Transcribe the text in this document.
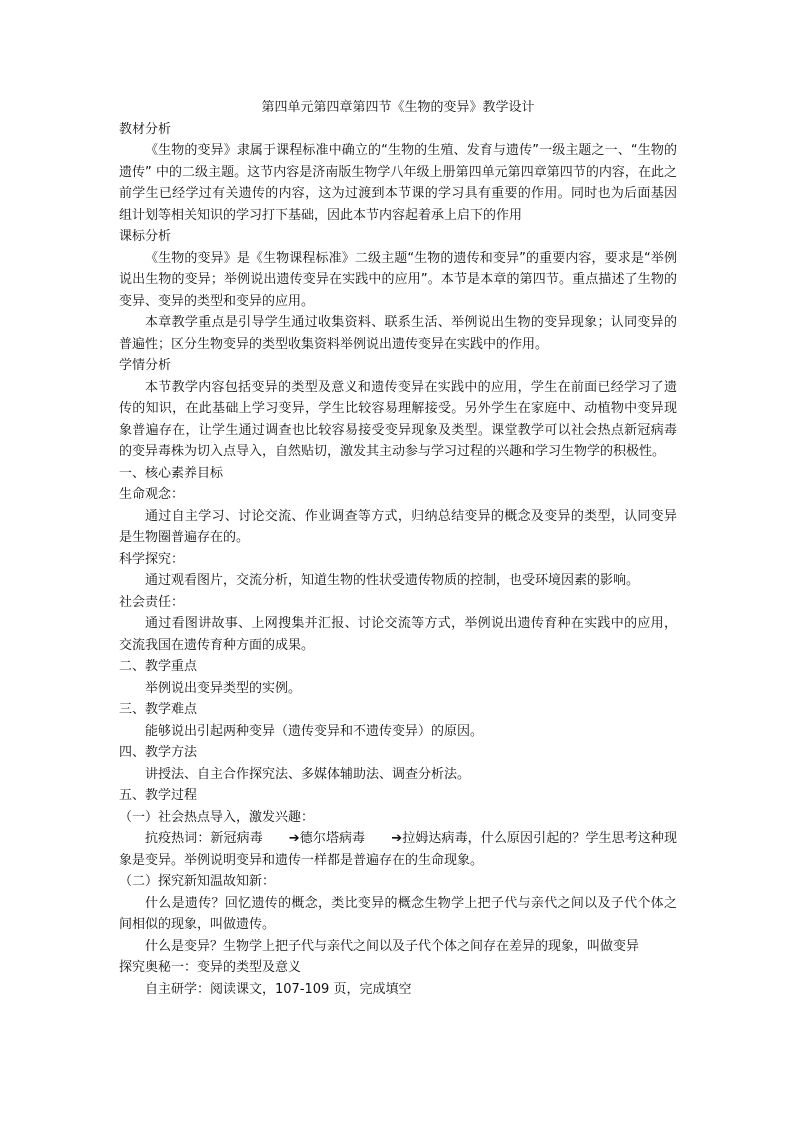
第四单元第四章第四节《生物的变异》教学设计

教材分析

《生物的变异》隶属于课程标准中确立的“生物的生殖、发育与遗传”一级主题之一、“生物的遗传” 中的二级主题。这节内容是济南版生物学八年级上册第四单元第四章第四节的内容，在此之前学生已经学过有关遗传的内容，这为过渡到本节课的学习具有重要的作用。同时也为后面基因组计划等相关知识的学习打下基础，因此本节内容起着承上启下的作用

课标分析

《生物的变异》是《生物课程标准》二级主题“生物的遗传和变异”的重要内容，要求是“举例说出生物的变异；举例说出遗传变异在实践中的应用”。本节是本章的第四节。重点描述了生物的变异、变异的类型和变异的应用。

本章教学重点是引导学生通过收集资料、联系生活、举例说出生物的变异现象；认同变异的普遍性；区分生物变异的类型收集资料举例说出遗传变异在实践中的作用。

学情分析

本节教学内容包括变异的类型及意义和遗传变异在实践中的应用，学生在前面已经学习了遗传的知识，在此基础上学习变异，学生比较容易理解接受。另外学生在家庭中、动植物中变异现象普遍存在，让学生通过调查也比较容易接受变异现象及类型。课堂教学可以社会热点新冠病毒的变异毒株为切入点导入，自然贴切，激发其主动参与学习过程的兴趣和学习生物学的积极性。

一、核心素养目标

生命观念：

通过自主学习、讨论交流、作业调查等方式，归纳总结变异的概念及变异的类型，认同变异是生物圈普遍存在的。

科学探究：

通过观看图片，交流分析，知道生物的性状受遗传物质的控制，也受环境因素的影响。

社会责任：

通过看图讲故事、上网搜集并汇报、讨论交流等方式，举例说出遗传育种在实践中的应用，交流我国在遗传育种方面的成果。

二、教学重点

举例说出变异类型的实例。

三、教学难点

能够说出引起两种变异（遗传变异和不遗传变异）的原因。

四、教学方法

讲授法、自主合作探究法、多媒体辅助法、调查分析法。

五、教学过程

（一）社会热点导入，激发兴趣：

抗疫热词：新冠病毒 ➔德尔塔病毒 ➔拉姆达病毒，什么原因引起的？学生思考这种现象是变异。举例说明变异和遗传一样都是普遍存在的生命现象。

（二）探究新知温故知新：

什么是遗传？回忆遗传的概念，类比变异的概念生物学上把子代与亲代之间以及子代个体之间相似的现象，叫做遗传。

什么是变异？生物学上把子代与亲代之间以及子代个体之间存在差异的现象，叫做变异

探究奥秘一：变异的类型及意义

自主研学：阅读课文，107-109 页，完成填空
